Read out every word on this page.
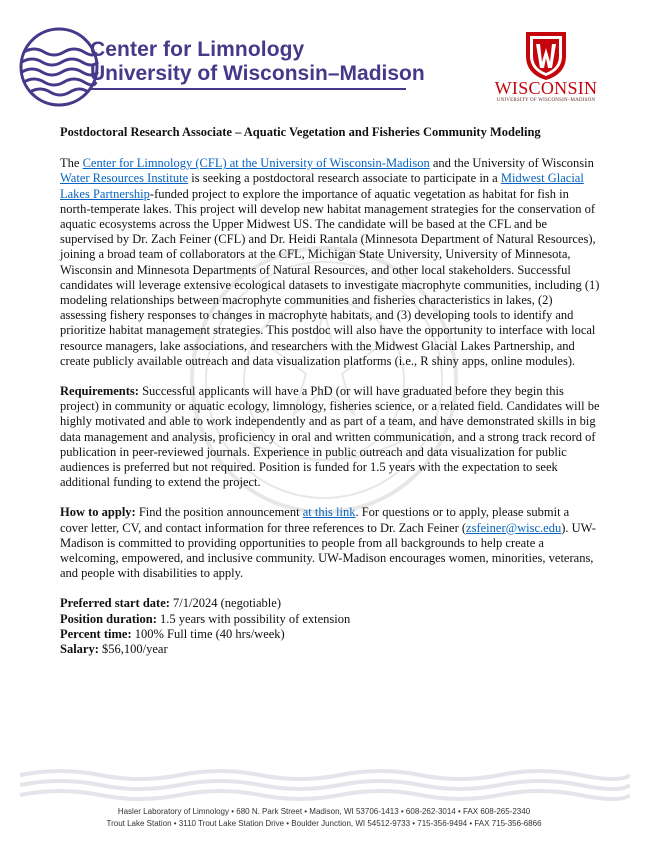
Center for Limnology
University of Wisconsin–Madison
WISCONSIN
UNIVERSITY OF WISCONSIN–MADISON
Postdoctoral Research Associate – Aquatic Vegetation and Fisheries Community Modeling

The Center for Limnology (CFL) at the University of Wisconsin-Madison and the University of Wisconsin Water Resources Institute is seeking a postdoctoral research associate to participate in a Midwest Glacial Lakes Partnership-funded project to explore the importance of aquatic vegetation as habitat for fish in north-temperate lakes. This project will develop new habitat management strategies for the conservation of aquatic ecosystems across the Upper Midwest US. The candidate will be based at the CFL and be supervised by Dr. Zach Feiner (CFL) and Dr. Heidi Rantala (Minnesota Department of Natural Resources), joining a broad team of collaborators at the CFL, Michigan State University, University of Minnesota, Wisconsin and Minnesota Departments of Natural Resources, and other local stakeholders. Successful candidates will leverage extensive ecological datasets to investigate macrophyte communities, including (1) modeling relationships between macrophyte communities and fisheries characteristics in lakes, (2) assessing fishery responses to changes in macrophyte habitats, and (3) developing tools to identify and prioritize habitat management strategies. This postdoc will also have the opportunity to interface with local resource managers, lake associations, and researchers with the Midwest Glacial Lakes Partnership, and create publicly available outreach and data visualization platforms (i.e., R shiny apps, online modules).

Requirements: Successful applicants will have a PhD (or will have graduated before they begin this project) in community or aquatic ecology, limnology, fisheries science, or a related field. Candidates will be highly motivated and able to work independently and as part of a team, and have demonstrated skills in big data management and analysis, proficiency in oral and written communication, and a strong track record of publication in peer-reviewed journals. Experience in public outreach and data visualization for public audiences is preferred but not required. Position is funded for 1.5 years with the expectation to seek additional funding to extend the project.

How to apply: Find the position announcement at this link. For questions or to apply, please submit a cover letter, CV, and contact information for three references to Dr. Zach Feiner (zsfeiner@wisc.edu). UW-Madison is committed to providing opportunities to people from all backgrounds to help create a welcoming, empowered, and inclusive community. UW-Madison encourages women, minorities, veterans, and people with disabilities to apply.

Preferred start date: 7/1/2024 (negotiable)
Position duration: 1.5 years with possibility of extension
Percent time: 100% Full time (40 hrs/week)
Salary: $56,100/year
Hasler Laboratory of Limnology • 680 N. Park Street • Madison, WI 53706-1413 • 608-262-3014 • FAX 608-265-2340
Trout Lake Station • 3110 Trout Lake Station Drive • Boulder Junction, WI 54512-9733 • 715-356-9494 • FAX 715-356-6866
